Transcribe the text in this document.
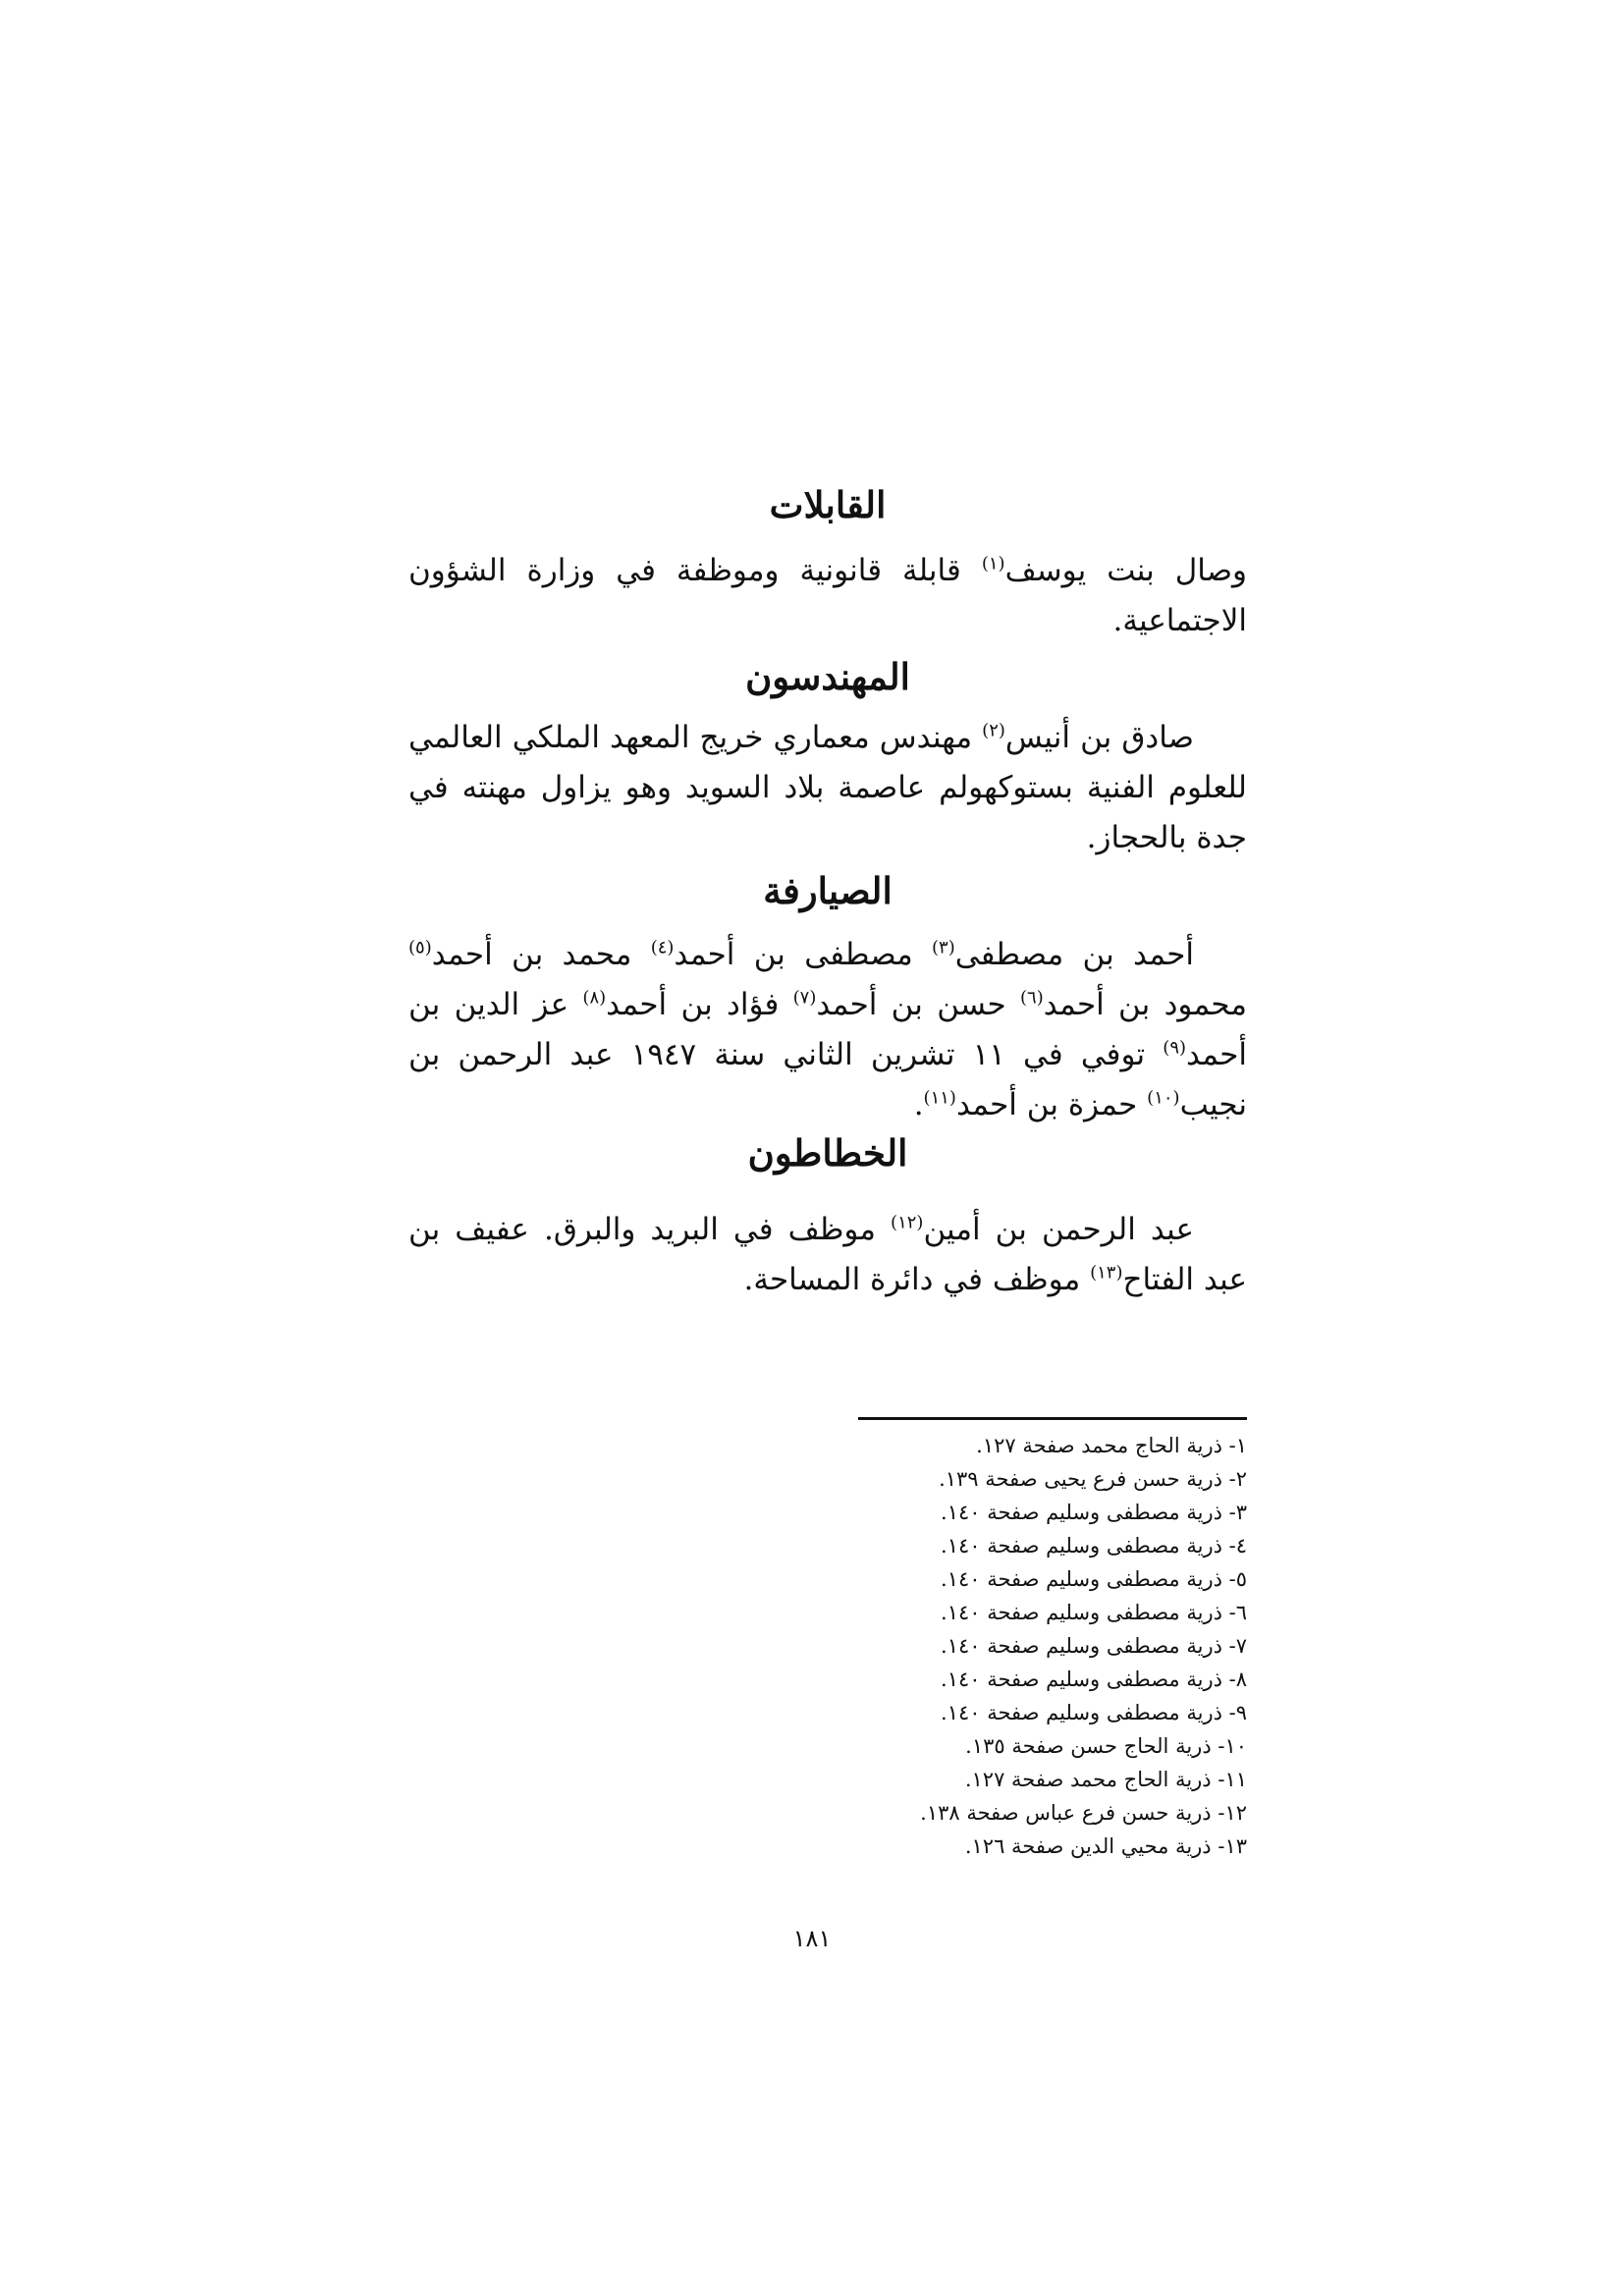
القابلات

وصال بنت يوسف$^{(١)}$ قابلة قانونية وموظفة في وزارة الشؤون الاجتماعية.

المهندسون

صادق بن أنيس$^{(٢)}$ مهندس معماري خريج المعهد الملكي العالمي للعلوم الفنية بستوكهولم عاصمة بلاد السويد وهو يزاول مهنته في جدة بالحجاز.

الصيارفة

أحمد بن مصطفى$^{(٣)}$ مصطفى بن أحمد$^{(٤)}$ محمد بن أحمد$^{(٥)}$ محمود بن أحمد$^{(٦)}$ حسن بن أحمد$^{(٧)}$ فؤاد بن أحمد$^{(٨)}$ عز الدين بن أحمد$^{(٩)}$ توفي في ١١ تشرين الثاني سنة ١٩٤٧ عبد الرحمن بن نجيب$^{(١٠)}$ حمزة بن أحمد$^{(١١)}$.

الخطاطون

عبد الرحمن بن أمين$^{(١٢)}$ موظف في البريد والبرق. عفيف بن عبد الفتاح$^{(١٣)}$ موظف في دائرة المساحة.

١- ذرية الحاج محمد صفحة ١٢٧.
٢- ذرية حسن فرع يحيى صفحة ١٣٩.
٣- ذرية مصطفى وسليم صفحة ١٤٠.
٤- ذرية مصطفى وسليم صفحة ١٤٠.
٥- ذرية مصطفى وسليم صفحة ١٤٠.
٦- ذرية مصطفى وسليم صفحة ١٤٠.
٧- ذرية مصطفى وسليم صفحة ١٤٠.
٨- ذرية مصطفى وسليم صفحة ١٤٠.
٩- ذرية مصطفى وسليم صفحة ١٤٠.
١٠- ذرية الحاج حسن صفحة ١٣٥.
١١- ذرية الحاج محمد صفحة ١٢٧.
١٢- ذرية حسن فرع عباس صفحة ١٣٨.
١٣- ذرية محيي الدين صفحة ١٢٦.
١٨١
